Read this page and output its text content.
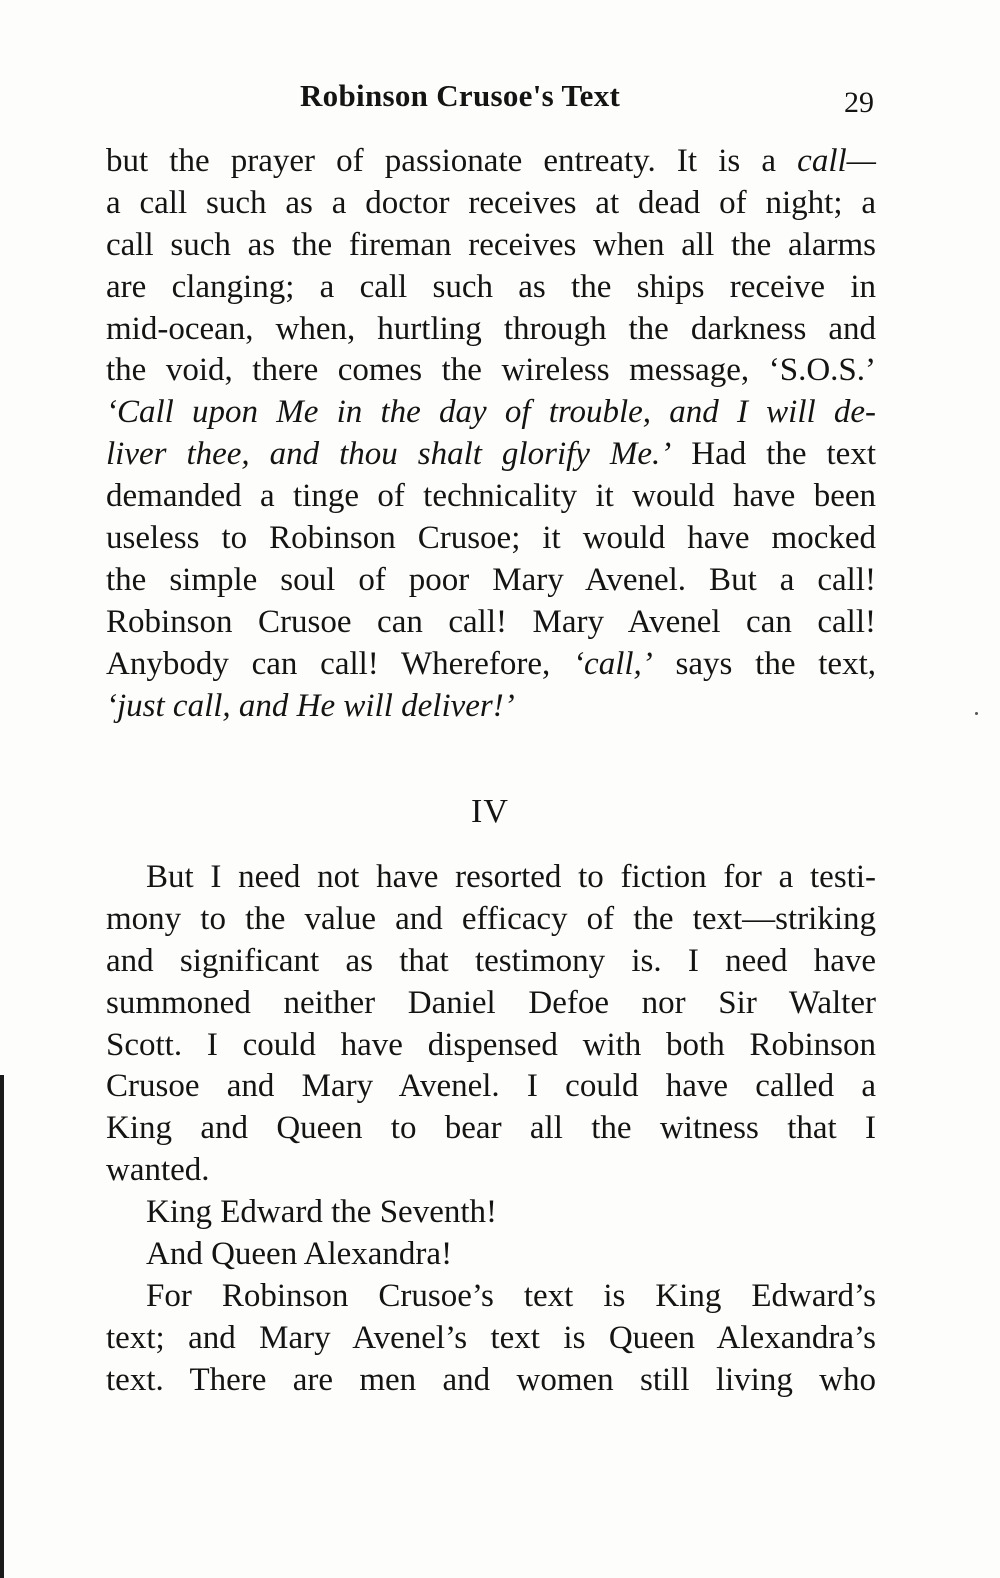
Robinson Crusoe's Text	29
but the prayer of passionate entreaty. It is a call—
a call such as a doctor receives at dead of night; a
call such as the fireman receives when all the alarms
are clanging; a call such as the ships receive in
mid-ocean, when, hurtling through the darkness and
the void, there comes the wireless message, ‘S.O.S.’
‘Call upon Me in the day of trouble, and I will de-
liver thee, and thou shalt glorify Me.’ Had the text
demanded a tinge of technicality it would have been
useless to Robinson Crusoe; it would have mocked
the simple soul of poor Mary Avenel. But a call!
Robinson Crusoe can call! Mary Avenel can call!
Anybody can call! Wherefore, ‘call,’ says the text,
‘just call, and He will deliver!’
IV
But I need not have resorted to fiction for a testi-
mony to the value and efficacy of the text—striking
and significant as that testimony is. I need have
summoned neither Daniel Defoe nor Sir Walter
Scott. I could have dispensed with both Robinson
Crusoe and Mary Avenel. I could have called a
King and Queen to bear all the witness that I
wanted.
King Edward the Seventh!
And Queen Alexandra!
For Robinson Crusoe’s text is King Edward’s
text; and Mary Avenel’s text is Queen Alexandra’s
text. There are men and women still living who
